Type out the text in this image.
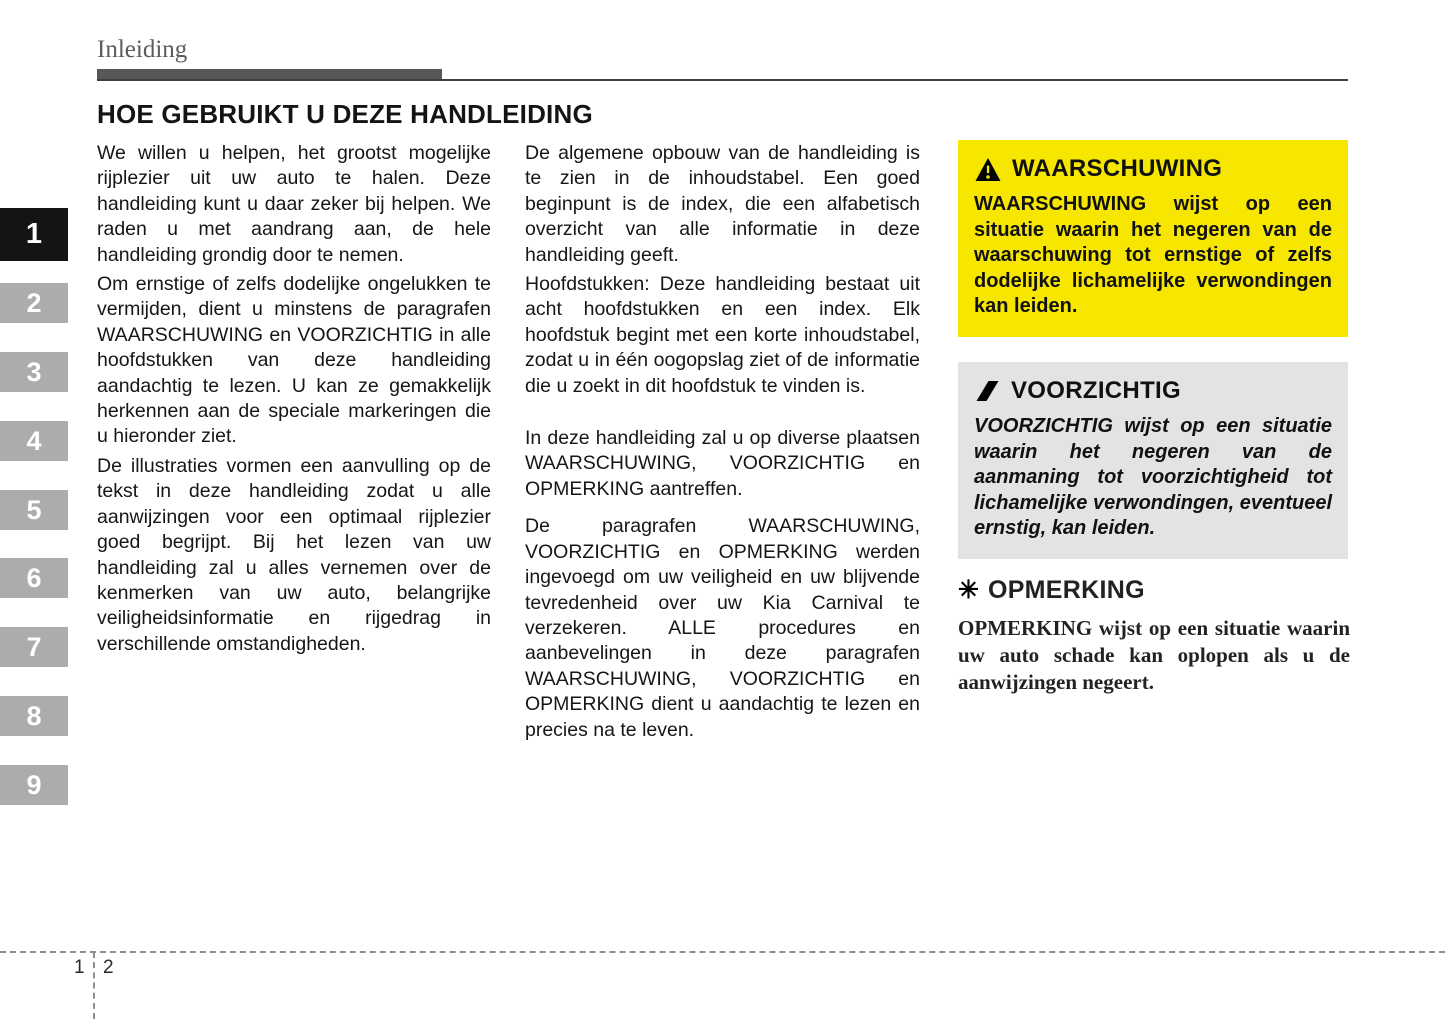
Inleiding
1
2
3
4
5
6
7
8
9
HOE GEBRUIKT U DEZE HANDLEIDING

We willen u helpen, het grootst mogelijke rijplezier uit uw auto te halen. Deze handleiding kunt u daar zeker bij helpen. We raden u met aandrang aan, de hele handleiding grondig door te nemen.

Om ernstige of zelfs dodelijke ongelukken te vermijden, dient u minstens de paragrafen WAARSCHUWING en VOORZICHTIG in alle hoofdstukken van deze handleiding aandachtig te lezen. U kan ze gemakkelijk herkennen aan de speciale markeringen die u hieronder ziet.

De illustraties vormen een aanvulling op de tekst in deze handleiding zodat u alle aanwijzingen voor een optimaal rijplezier goed begrijpt. Bij het lezen van uw handleiding zal u alles vernemen over de kenmerken van uw auto, belangrijke veiligheidsinformatie en rijgedrag in verschillende omstandigheden.

De algemene opbouw van de handleiding is te zien in de inhoudstabel. Een goed beginpunt is de index, die een alfabetisch overzicht van alle informatie in deze handleiding geeft.

Hoofdstukken: Deze handleiding bestaat uit acht hoofdstukken en een index. Elk hoofdstuk begint met een korte inhoudstabel, zodat u in één oogopslag ziet of de informatie die u zoekt in dit hoofdstuk te vinden is.

In deze handleiding zal u op diverse plaatsen WAARSCHUWING, VOORZICHTIG en OPMERKING aantreffen.

De paragrafen WAARSCHUWING, VOORZICHTIG en OPMERKING werden ingevoegd om uw veiligheid en uw blijvende tevredenheid over uw Kia Carnival te verzekeren. ALLE procedures en aanbevelingen in deze paragrafen WAARSCHUWING, VOORZICHTIG en OPMERKING dient u aandachtig te lezen en precies na te leven.

WAARSCHUWING
WAARSCHUWING wijst op een situatie waarin het negeren van de waarschuwing tot ernstige of zelfs dodelijke lichamelijke verwondingen kan leiden.
VOORZICHTIG
VOORZICHTIG wijst op een situatie waarin het negeren van de aanmaning tot voorzichtigheid tot lichamelijke verwondingen, eventueel ernstig, kan leiden.
✳ OPMERKING
OPMERKING wijst op een situatie waarin uw auto schade kan oplopen als u de aanwijzingen negeert.
1 2
